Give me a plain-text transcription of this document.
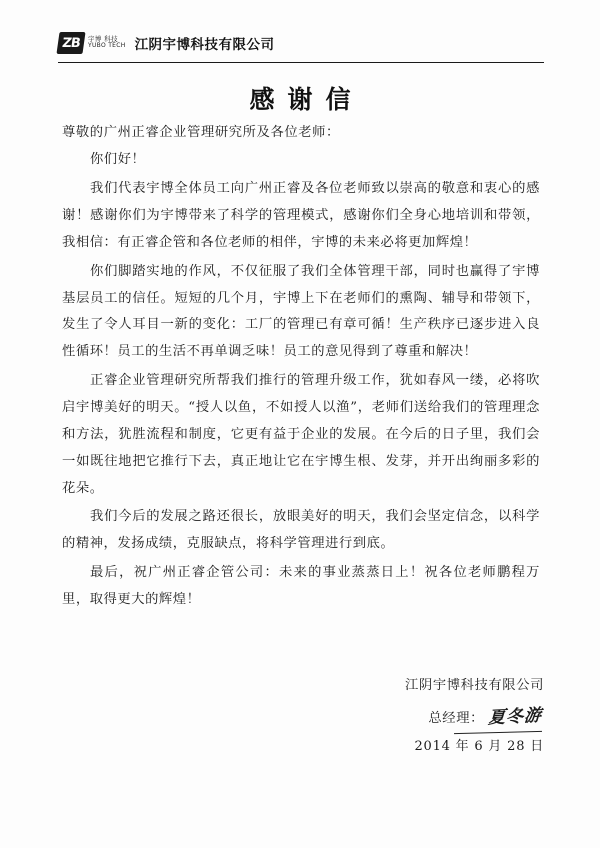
ZB	宇博 科技
YUBO TECH 江阴宇博科技有限公司
感谢信
尊敬的广州正睿企业管理研究所及各位老师：

你们好！

我们代表宇博全体员工向广州正睿及各位老师致以崇高的敬意和衷心的感谢！感谢你们为宇博带来了科学的管理模式，感谢你们全身心地培训和带领，我相信：有正睿企管和各位老师的相伴，宇博的未来必将更加辉煌！

你们脚踏实地的作风，不仅征服了我们全体管理干部，同时也赢得了宇博基层员工的信任。短短的几个月，宇博上下在老师们的熏陶、辅导和带领下，发生了令人耳目一新的变化：工厂的管理已有章可循！生产秩序已逐步进入良性循环！员工的生活不再单调乏味！员工的意见得到了尊重和解决！

正睿企业管理研究所帮我们推行的管理升级工作，犹如春风一缕，必将吹启宇博美好的明天。“授人以鱼，不如授人以渔”，老师们送给我们的管理理念和方法，犹胜流程和制度，它更有益于企业的发展。在今后的日子里，我们会一如既往地把它推行下去，真正地让它在宇博生根、发芽，并开出绚丽多彩的花朵。

我们今后的发展之路还很长，放眼美好的明天，我们会坚定信念，以科学的精神，发扬成绩，克服缺点，将科学管理进行到底。

最后，祝广州正睿企管公司：未来的事业蒸蒸日上！祝各位老师鹏程万里，取得更大的辉煌！

江阴宇博科技有限公司
总经理： 夏冬游
2014 年 6 月 28 日
